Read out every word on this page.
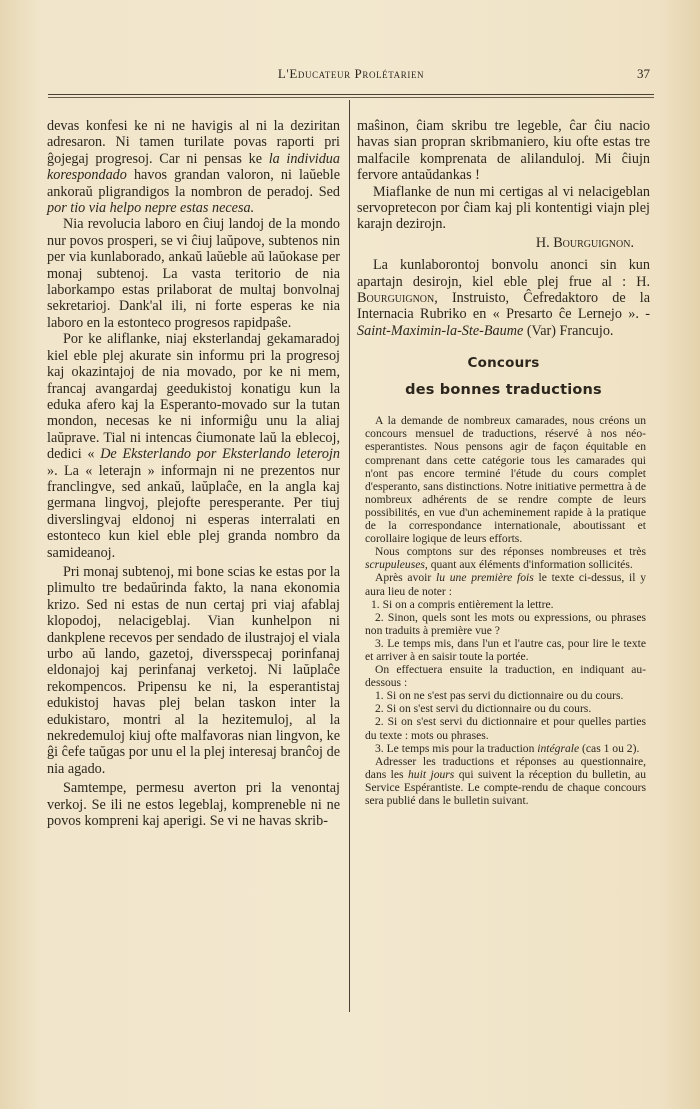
L'Educateur Prolétarien	37

devas konfesi ke ni ne havigis al ni la deziritan adresaron. Ni tamen turilate povas raporti pri ĝojegaj progresoj. Car ni pensas ke la individua korespondado havos grandan valoron, ni laŭeble ankoraŭ pligrandigos la nombron de peradoj. Sed por tio via helpo nepre estas necesa.

Nia revolucia laboro en ĉiuj landoj de la mondo nur povos prosperi, se vi ĉiuj laŭpove, subtenos nin per via kunlaborado, ankaŭ laŭeble aŭ laŭokase per monaj subtenoj. La vasta teritorio de nia laborkampo estas prilaborat de multaj bonvolnaj sekretarioj. Dank'al ili, ni forte esperas ke nia laboro en la estonteco progresos rapidpaŝe.

Por ke aliflanke, niaj eksterlandaj gekamaradoj kiel eble plej akurate sin informu pri la progresoj kaj okazintajoj de nia movado, por ke ni mem, francaj avangardaj geedukistoj konatigu kun la eduka afero kaj la Esperanto-movado sur la tutan mondon, necesas ke ni informiĝu unu la aliaj laŭprave. Tial ni intencas ĉiumonate laŭ la eblecoj, dedici « De Eksterlando por Eksterlando leterojn ». La « leterajn » informajn ni ne prezentos nur franclingve, sed ankaŭ, laŭplaĉe, en la angla kaj germana lingvoj, plejofte peresperante. Per tiuj diverslingvaj eldonoj ni esperas interralati en estonteco kun kiel eble plej granda nombro da samideanoj.

Pri monaj subtenoj, mi bone scias ke estas por la plimulto tre bedaŭrinda fakto, la nana ekonomia krizo. Sed ni estas de nun certaj pri viaj afablaj klopodoj, nelacigeblaj. Vian kunhelpon ni dankplene recevos per sendado de ilustrajoj el viala urbo aŭ lando, gazetoj, diversspecaj porinfanaj eldonajoj kaj perinfanaj verketoj. Ni laŭplaĉe rekompencos. Pripensu ke ni, la esperantistaj edukistoj havas plej belan taskon inter la edukistaro, montri al la hezitemuloj, al la nekredemuloj kiuj ofte malfavoras nian lingvon, ke ĝi ĉefe taŭgas por unu el la plej interesaj branĉoj de nia agado.

Samtempe, permesu averton pri la venontaj verkoj. Se ili ne estos legeblaj, kompreneble ni ne povos kompreni kaj aperigi. Se vi ne havas skrib-

maŝinon, ĉiam skribu tre legeble, ĉar ĉiu nacio havas sian propran skribmaniero, kiu ofte estas tre malfacile komprenata de alilanduloj. Mi ĉiujn fervore antaŭdankas !

Miaflanke de nun mi certigas al vi nelacigeblan servopretecon por ĉiam kaj pli kontentigi viajn plej karajn dezirojn.

H. Bourguignon.

La kunlaborontoj bonvolu anonci sin kun apartajn desirojn, kiel eble plej frue al : H. Bourguignon, Instruisto, Ĉefredaktoro de la Internacia Rubriko en « Presarto ĉe Lernejo ». - Saint-Maximin-la-Ste-Baume (Var) Francujo.

Concours
des bonnes traductions

A la demande de nombreux camarades, nous créons un concours mensuel de traductions, réservé à nos néo-esperantistes. Nous pensons agir de façon équitable en comprenant dans cette catégorie tous les camarades qui n'ont pas encore terminé l'étude du cours complet d'esperanto, sans distinctions. Notre initiative permettra à de nombreux adhérents de se rendre compte de leurs possibilités, en vue d'un acheminement rapide à la pratique de la correspondance internationale, aboutissant et corollaire logique de leurs efforts.

Nous comptons sur des réponses nombreuses et très scrupuleuses, quant aux éléments d'information sollicités.

Après avoir lu une première fois le texte ci-dessus, il y aura lieu de noter :

1. Si on a compris entièrement la lettre.

2. Sinon, quels sont les mots ou expressions, ou phrases non traduits à première vue ?

3. Le temps mis, dans l'un et l'autre cas, pour lire le texte et arriver à en saisir toute la portée.

On effectuera ensuite la traduction, en indiquant au-dessous :

1. Si on ne s'est pas servi du dictionnaire ou du cours.

2. Si on s'est servi du dictionnaire ou du cours.

2. Si on s'est servi du dictionnaire et pour quelles parties du texte : mots ou phrases.

3. Le temps mis pour la traduction intégrale (cas 1 ou 2).

Adresser les traductions et réponses au questionnaire, dans les huit jours qui suivent la réception du bulletin, au Service Espérantiste. Le compte-rendu de chaque concours sera publié dans le bulletin suivant.
